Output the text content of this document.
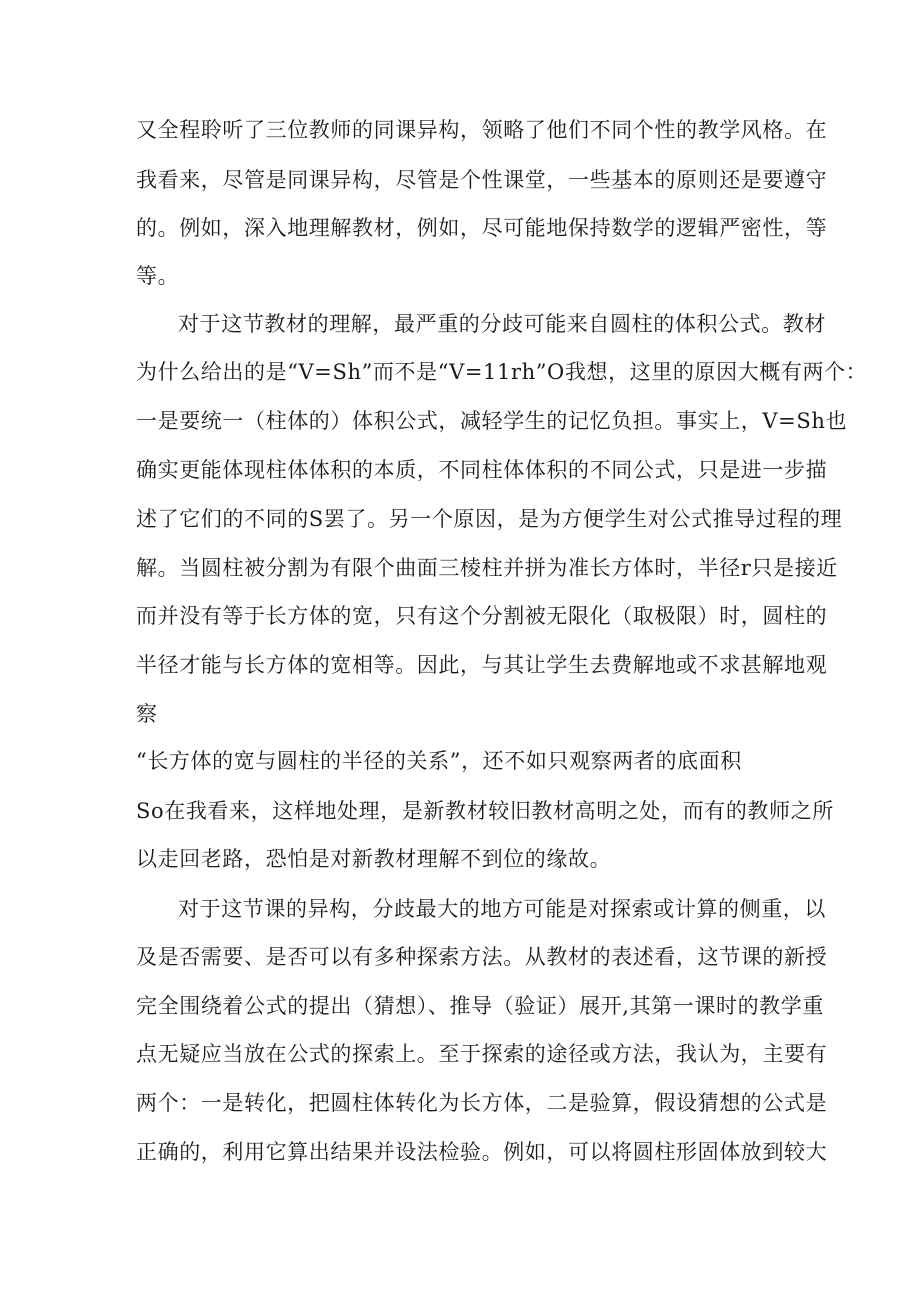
又全程聆听了三位教师的同课异构，领略了他们不同个性的教学风格。在
我看来，尽管是同课异构，尽管是个性课堂，一些基本的原则还是要遵守
的。例如，深入地理解教材，例如，尽可能地保持数学的逻辑严密性，等
等。
对于这节教材的理解，最严重的分歧可能来自圆柱的体积公式。教材
为什么给出的是“V=Sh”而不是“V=11rh”O我想，这里的原因大概有两个：
一是要统一（柱体的）体积公式，减轻学生的记忆负担。事实上，V=Sh也
确实更能体现柱体体积的本质，不同柱体体积的不同公式，只是进一步描
述了它们的不同的S罢了。另一个原因，是为方便学生对公式推导过程的理
解。当圆柱被分割为有限个曲面三棱柱并拼为准长方体时，半径r只是接近
而并没有等于长方体的宽，只有这个分割被无限化（取极限）时，圆柱的
半径才能与长方体的宽相等。因此，与其让学生去费解地或不求甚解地观
察
“长方体的宽与圆柱的半径的关系”，还不如只观察两者的底面积
So在我看来，这样地处理，是新教材较旧教材高明之处，而有的教师之所
以走回老路，恐怕是对新教材理解不到位的缘故。
对于这节课的异构，分歧最大的地方可能是对探索或计算的侧重，以
及是否需要、是否可以有多种探索方法。从教材的表述看，这节课的新授
完全围绕着公式的提出（猜想）、推导（验证）展开,其第一课时的教学重
点无疑应当放在公式的探索上。至于探索的途径或方法，我认为，主要有
两个：一是转化，把圆柱体转化为长方体，二是验算，假设猜想的公式是
正确的，利用它算出结果并设法检验。例如，可以将圆柱形固体放到较大
